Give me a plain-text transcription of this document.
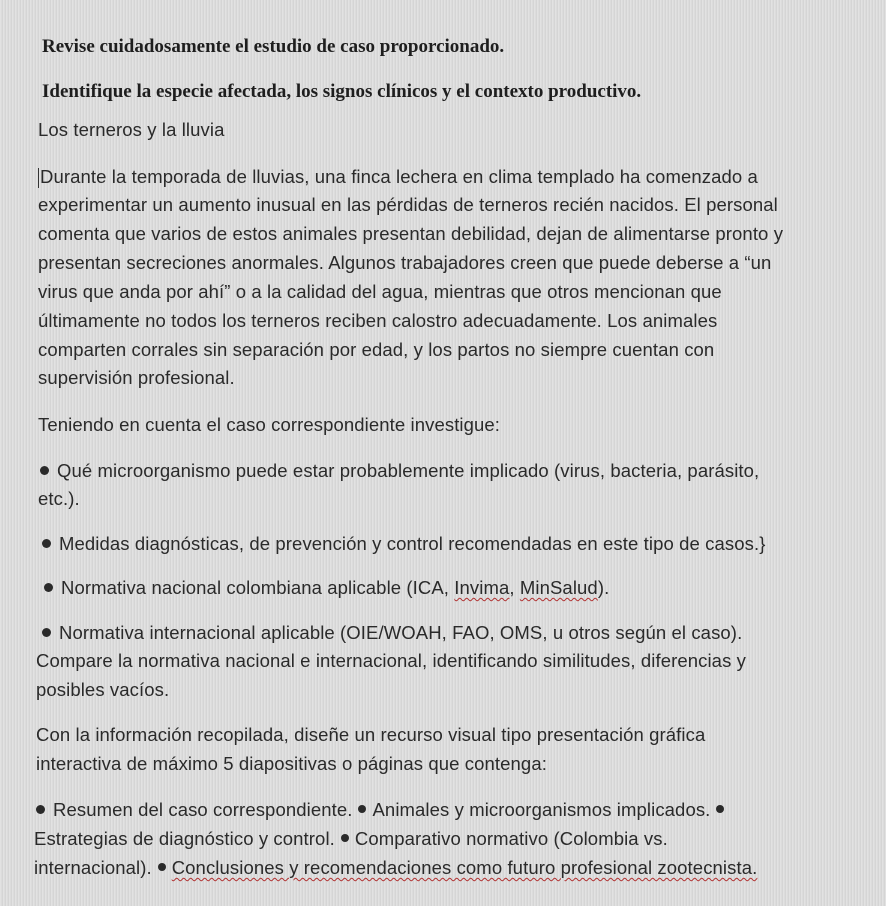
Revise cuidadosamente el estudio de caso proporcionado.
Identifique la especie afectada, los signos clínicos y el contexto productivo.
Los terneros y la lluvia
Durante la temporada de lluvias, una finca lechera en clima templado ha comenzado a
experimentar un aumento inusual en las pérdidas de terneros recién nacidos. El personal
comenta que varios de estos animales presentan debilidad, dejan de alimentarse pronto y
presentan secreciones anormales. Algunos trabajadores creen que puede deberse a “un
virus que anda por ahí” o a la calidad del agua, mientras que otros mencionan que
últimamente no todos los terneros reciben calostro adecuadamente. Los animales
comparten corrales sin separación por edad, y los partos no siempre cuentan con
supervisión profesional.
Teniendo en cuenta el caso correspondiente investigue:
Qué microorganismo puede estar probablemente implicado (virus, bacteria, parásito,
etc.).
Medidas diagnósticas, de prevención y control recomendadas en este tipo de casos.}
Normativa nacional colombiana aplicable (ICA, Invima, MinSalud).
Normativa internacional aplicable (OIE/WOAH, FAO, OMS, u otros según el caso).
Compare la normativa nacional e internacional, identificando similitudes, diferencias y
posibles vacíos.
Con la información recopilada, diseñe un recurso visual tipo presentación gráfica
interactiva de máximo 5 diapositivas o páginas que contenga:
Resumen del caso correspondiente. Animales y microorganismos implicados.
Estrategias de diagnóstico y control. Comparativo normativo (Colombia vs.
internacional). Conclusiones y recomendaciones como futuro profesional zootecnista.
